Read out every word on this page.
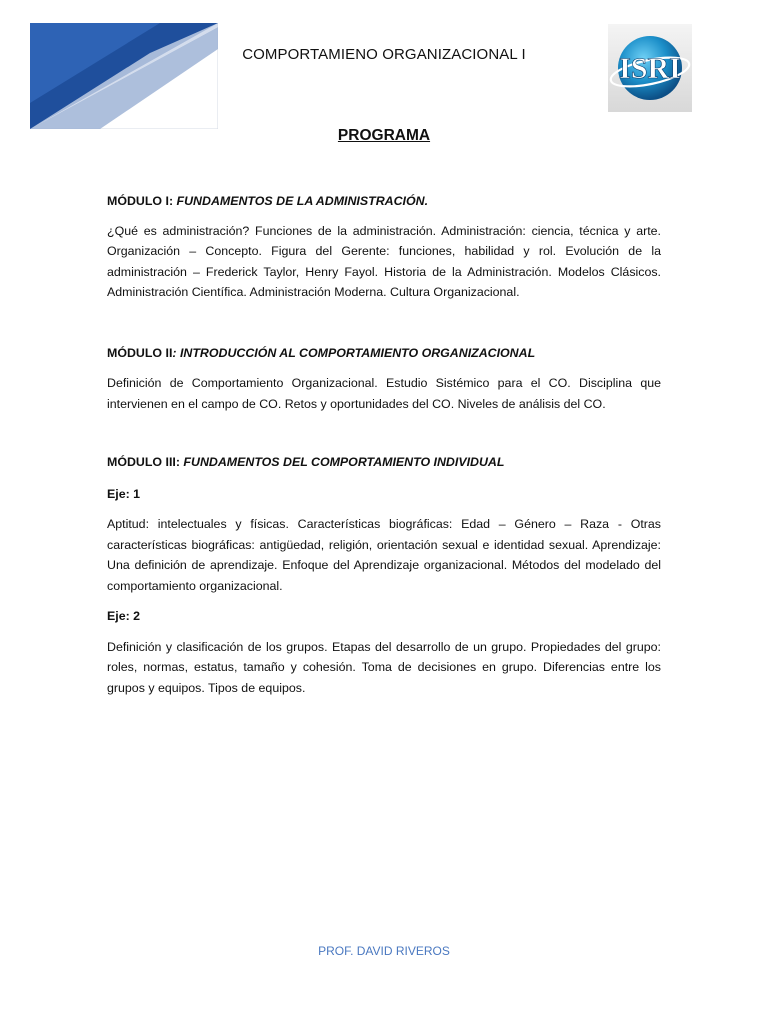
COMPORTAMIENO ORGANIZACIONAL I	ISRI
PROGRAMA

MÓDULO I: FUNDAMENTOS DE LA ADMINISTRACIÓN.

¿Qué es administración? Funciones de la administración. Administración: ciencia, técnica y arte. Organización – Concepto. Figura del Gerente: funciones, habilidad y rol. Evolución de la administración – Frederick Taylor, Henry Fayol. Historia de la Administración. Modelos Clásicos. Administración Científica. Administración Moderna. Cultura Organizacional.

MÓDULO II: INTRODUCCIÓN AL COMPORTAMIENTO ORGANIZACIONAL

Definición de Comportamiento Organizacional. Estudio Sistémico para el CO. Disciplina que intervienen en el campo de CO. Retos y oportunidades del CO. Niveles de análisis del CO.

MÓDULO III: FUNDAMENTOS DEL COMPORTAMIENTO INDIVIDUAL

Eje: 1

Aptitud: intelectuales y físicas. Características biográficas: Edad – Género – Raza - Otras características biográficas: antigüedad, religión, orientación sexual e identidad sexual. Aprendizaje: Una definición de aprendizaje. Enfoque del Aprendizaje organizacional. Métodos del modelado del comportamiento organizacional.

Eje: 2

Definición y clasificación de los grupos. Etapas del desarrollo de un grupo. Propiedades del grupo: roles, normas, estatus, tamaño y cohesión. Toma de decisiones en grupo. Diferencias entre los grupos y equipos. Tipos de equipos.

PROF. DAVID RIVEROS
